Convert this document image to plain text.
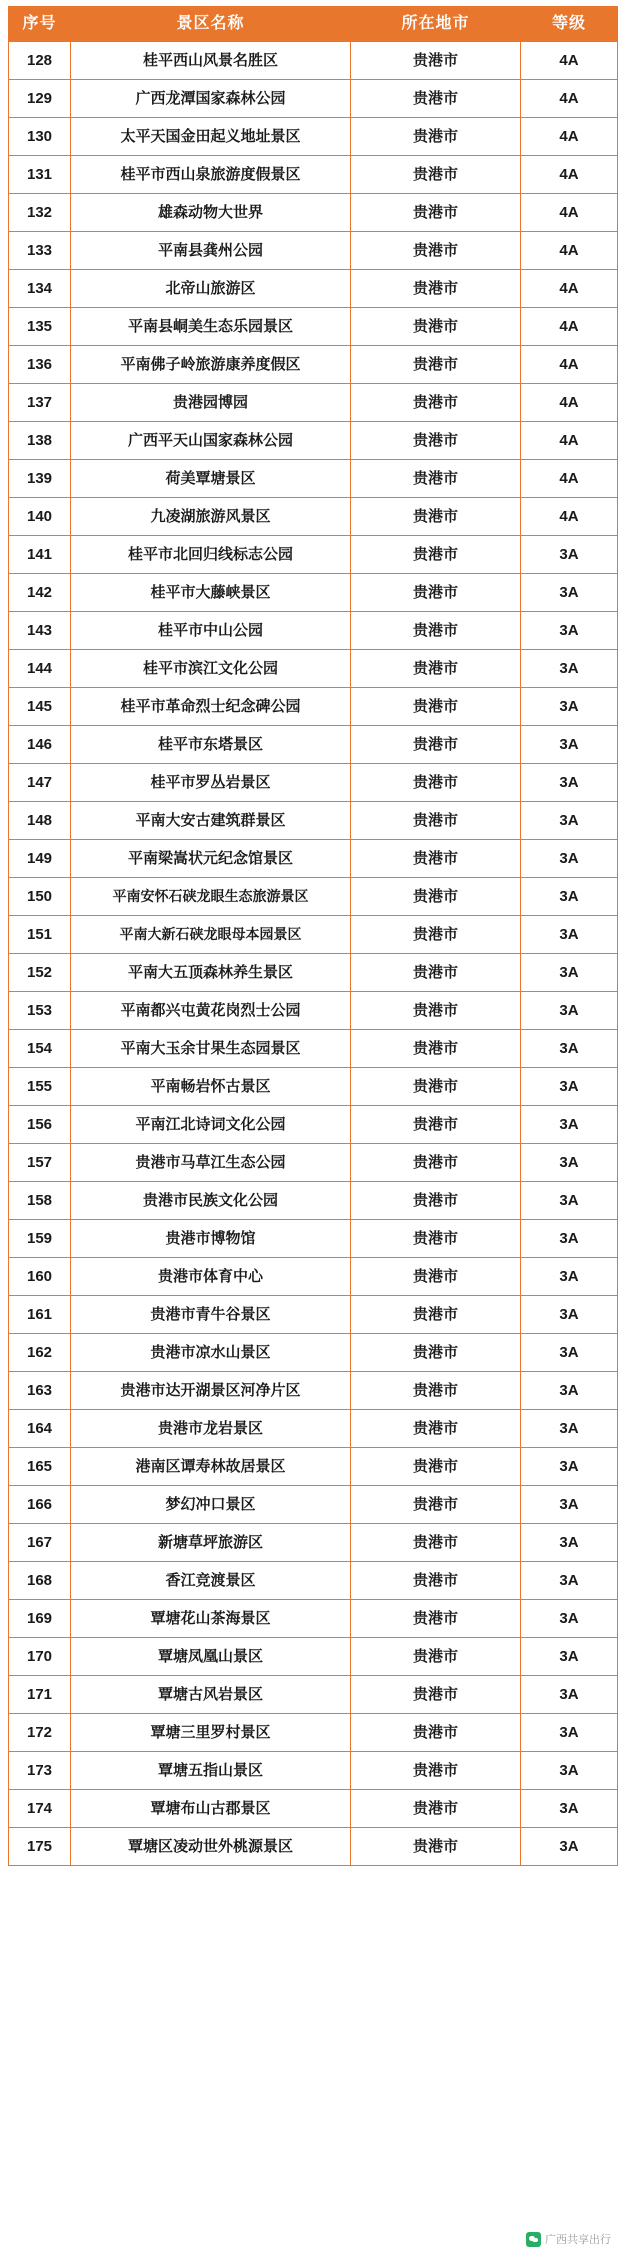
序号	景区名称	所在地市	等级
128	桂平西山风景名胜区	贵港市	4A
129	广西龙潭国家森林公园	贵港市	4A
130	太平天国金田起义地址景区	贵港市	4A
131	桂平市西山泉旅游度假景区	贵港市	4A
132	雄森动物大世界	贵港市	4A
133	平南县龚州公园	贵港市	4A
134	北帝山旅游区	贵港市	4A
135	平南县峒美生态乐园景区	贵港市	4A
136	平南佛子岭旅游康养度假区	贵港市	4A
137	贵港园博园	贵港市	4A
138	广西平天山国家森林公园	贵港市	4A
139	荷美覃塘景区	贵港市	4A
140	九凌湖旅游风景区	贵港市	4A
141	桂平市北回归线标志公园	贵港市	3A
142	桂平市大藤峡景区	贵港市	3A
143	桂平市中山公园	贵港市	3A
144	桂平市滨江文化公园	贵港市	3A
145	桂平市革命烈士纪念碑公园	贵港市	3A
146	桂平市东塔景区	贵港市	3A
147	桂平市罗丛岩景区	贵港市	3A
148	平南大安古建筑群景区	贵港市	3A
149	平南梁嵩状元纪念馆景区	贵港市	3A
150	平南安怀石硖龙眼生态旅游景区	贵港市	3A
151	平南大新石硖龙眼母本园景区	贵港市	3A
152	平南大五顶森林养生景区	贵港市	3A
153	平南都兴屯黄花岗烈士公园	贵港市	3A
154	平南大玉余甘果生态园景区	贵港市	3A
155	平南畅岩怀古景区	贵港市	3A
156	平南江北诗词文化公园	贵港市	3A
157	贵港市马草江生态公园	贵港市	3A
158	贵港市民族文化公园	贵港市	3A
159	贵港市博物馆	贵港市	3A
160	贵港市体育中心	贵港市	3A
161	贵港市青牛谷景区	贵港市	3A
162	贵港市凉水山景区	贵港市	3A
163	贵港市达开湖景区河净片区	贵港市	3A
164	贵港市龙岩景区	贵港市	3A
165	港南区谭寿林故居景区	贵港市	3A
166	梦幻冲口景区	贵港市	3A
167	新塘草坪旅游区	贵港市	3A
168	香江竞渡景区	贵港市	3A
169	覃塘花山茶海景区	贵港市	3A
170	覃塘凤凰山景区	贵港市	3A
171	覃塘古风岩景区	贵港市	3A
172	覃塘三里罗村景区	贵港市	3A
173	覃塘五指山景区	贵港市	3A
174	覃塘布山古郡景区	贵港市	3A
175	覃塘区凌动世外桃源景区	贵港市	3A
广西共享出行
